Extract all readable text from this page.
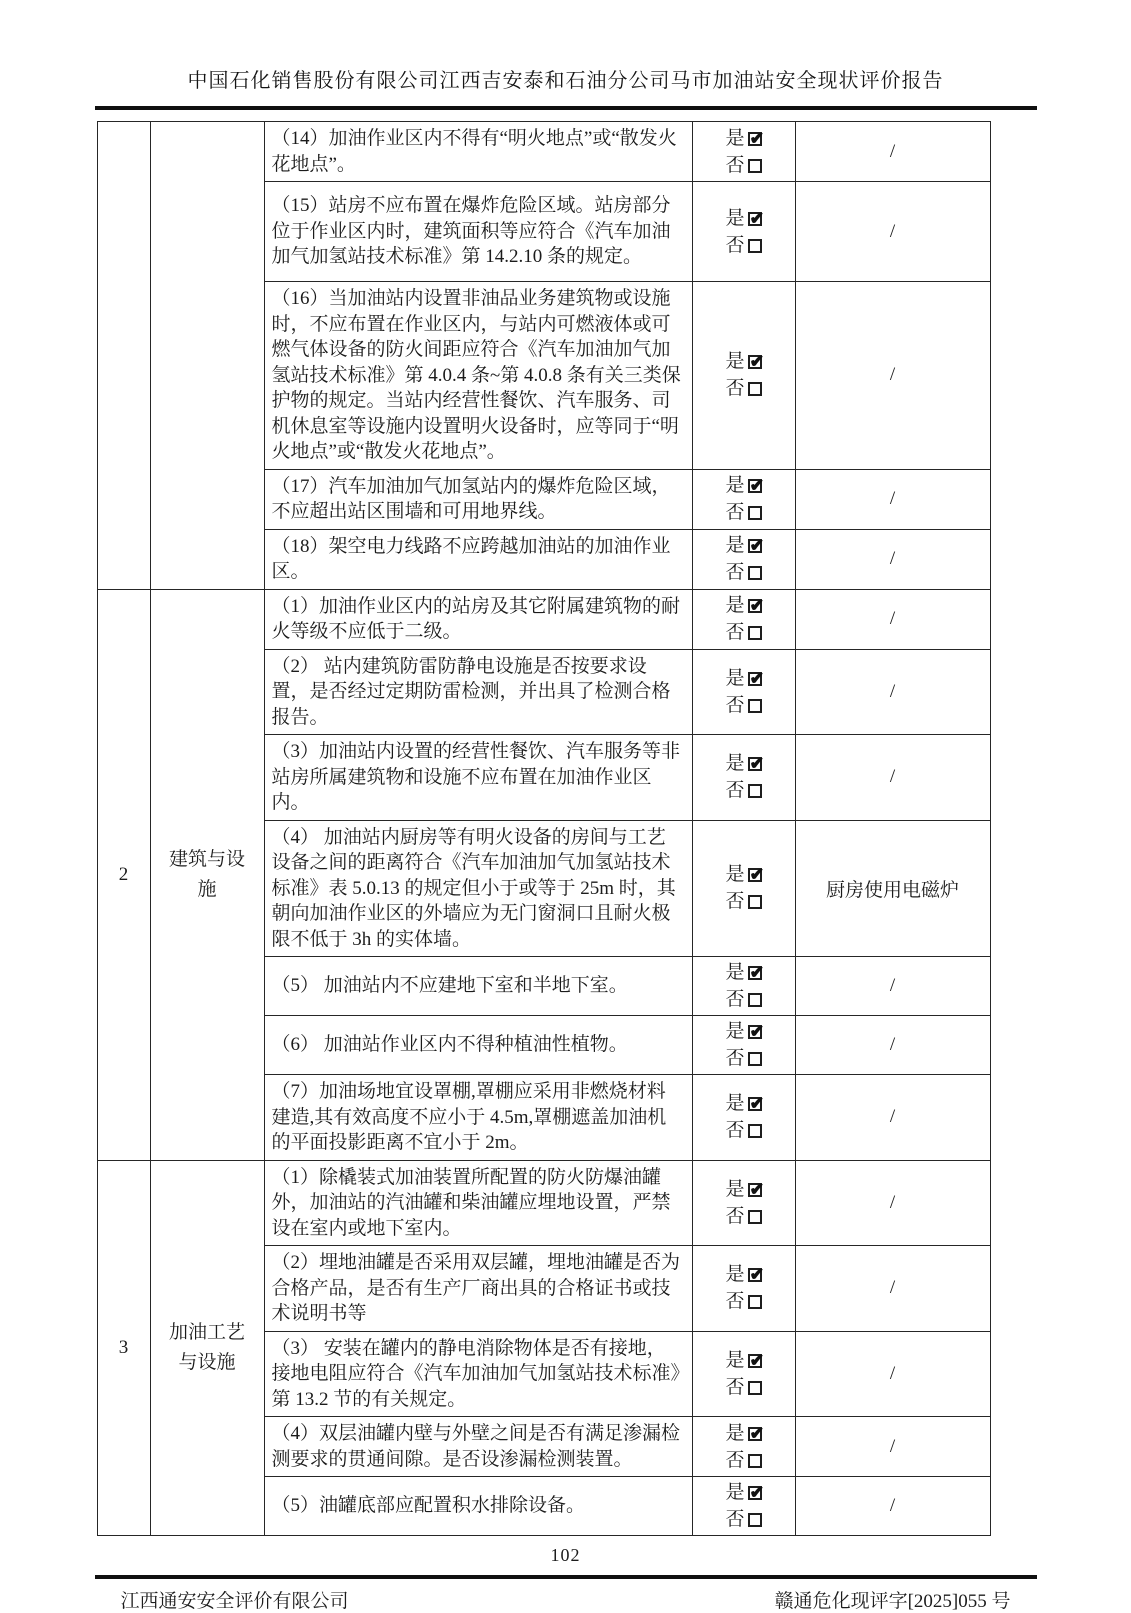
中国石化销售股份有限公司江西吉安泰和石油分公司马市加油站安全现状评价报告
		（14）加油作业区内不得有“明火地点”或“散发火花地点”。	是✔
否	/
		（15）站房不应布置在爆炸危险区域。站房部分位于作业区内时，建筑面积等应符合《汽车加油加气加氢站技术标准》第 14.2.10 条的规定。	是✔
否	/
		（16）当加油站内设置非油品业务建筑物或设施时，不应布置在作业区内，与站内可燃液体或可燃气体设备的防火间距应符合《汽车加油加气加氢站技术标准》第 4.0.4 条~第 4.0.8 条有关三类保护物的规定。当站内经营性餐饮、汽车服务、司机休息室等设施内设置明火设备时，应等同于“明火地点”或“散发火花地点”。	是✔
否	/
		（17）汽车加油加气加氢站内的爆炸危险区域，不应超出站区围墙和可用地界线。	是✔
否	/
		（18）架空电力线路不应跨越加油站的加油作业区。	是✔
否	/
2	建筑与设施	（1）加油作业区内的站房及其它附属建筑物的耐火等级不应低于二级。	是✔
否	/
		（2） 站内建筑防雷防静电设施是否按要求设置，是否经过定期防雷检测，并出具了检测合格报告。	是✔
否	/
		（3）加油站内设置的经营性餐饮、汽车服务等非站房所属建筑物和设施不应布置在加油作业区内。	是✔
否	/
		（4） 加油站内厨房等有明火设备的房间与工艺设备之间的距离符合《汽车加油加气加氢站技术标准》表 5.0.13 的规定但小于或等于 25m 时，其朝向加油作业区的外墙应为无门窗洞口且耐火极限不低于 3h 的实体墙。	是✔
否	厨房使用电磁炉
		（5） 加油站内不应建地下室和半地下室。	是✔
否	/
		（6） 加油站作业区内不得种植油性植物。	是✔
否	/
		（7）加油场地宜设罩棚,罩棚应采用非燃烧材料建造,其有效高度不应小于 4.5m,罩棚遮盖加油机的平面投影距离不宜小于 2m。	是✔
否	/
3	加油工艺与设施	（1）除橇装式加油装置所配置的防火防爆油罐外，加油站的汽油罐和柴油罐应埋地设置，严禁设在室内或地下室内。	是✔
否	/
		（2）埋地油罐是否采用双层罐，埋地油罐是否为合格产品，是否有生产厂商出具的合格证书或技术说明书等	是✔
否	/
		（3） 安装在罐内的静电消除物体是否有接地，接地电阻应符合《汽车加油加气加氢站技术标准》第 13.2 节的有关规定。	是✔
否	/
		（4）双层油罐内壁与外壁之间是否有满足渗漏检测要求的贯通间隙。是否设渗漏检测装置。	是✔
否	/
		（5）油罐底部应配置积水排除设备。	是✔
否	/
102
江西通安安全评价有限公司	赣通危化现评字[2025]055 号
